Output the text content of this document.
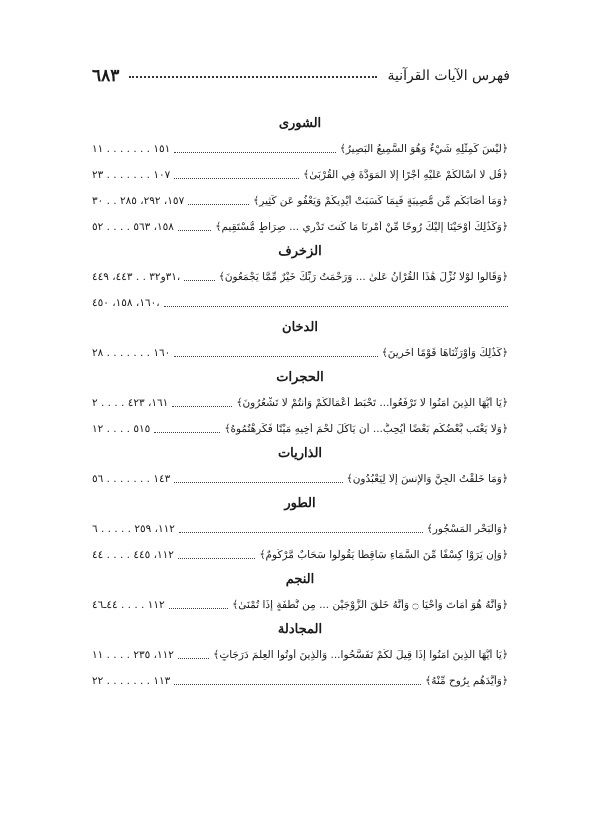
٦٨٣	فهرس الآيات القرآنية
الشورى
١٥١ . . . . . . . ١١	﴿لَيْسَ كَمِثْلِهِ شَيْءٌ وَهُوَ السَّمِيعُ الْبَصِيرُ﴾
١٠٧ . . . . . . . ٢٣	﴿قُل لَا أَسْأَلُكُمْ عَلَيْهِ أَجْرًا إِلَّا الْمَوَدَّةَ فِي الْقُرْبَىٰ﴾
١٥٧، ٢٩٢، ٢٨٥ . . ٣٠	﴿وَمَا أَصَابَكُم مِّن مُّصِيبَةٍ فَبِمَا كَسَبَتْ أَيْدِيكُمْ وَيَعْفُو عَن كَثِيرٍ﴾
١٥٨، ٥٦٣ . . . . ٥٢	﴿وَكَذَٰلِكَ أَوْحَيْنَا إِلَيْكَ رُوحًا مِّنْ أَمْرِنَا مَا كُنتَ تَدْرِي ... صِرَاطٍ مُّسْتَقِيمٍ﴾
الزخرف
٣١و٣٢ . . ٤٤٣، ٤٤٩،	﴿وَقَالُوا لَوْلَا نُزِّلَ هَٰذَا الْقُرْآنُ عَلَىٰ ... وَرَحْمَتُ رَبِّكَ خَيْرٌ مِّمَّا يَجْمَعُونَ﴾
١٦٠، ١٥٨، ٤٥٠،
الدخان
١٦٠ . . . . . . . ٢٨	﴿كَذَٰلِكَ وَأَوْرَثْنَاهَا قَوْمًا آخَرِينَ﴾
الحجرات
١٦١، ٤٢٣ . . . . ٢	﴿يَا أَيُّهَا الَّذِينَ آمَنُوا لَا تَرْفَعُوا... تَحْبَطَ أَعْمَالُكُمْ وَأَنتُمْ لَا تَشْعُرُونَ﴾
٥١٥ . . . . ١٢	﴿وَلَا يَغْتَب بَّعْضُكُم بَعْضًا أَيُحِبُّ... أَن يَأْكُلَ لَحْمَ أَخِيهِ مَيْتًا فَكَرِهْتُمُوهُ﴾
الذاريات
١٤٣ . . . . . . . ٥٦	﴿وَمَا خَلَقْتُ الْجِنَّ وَالْإِنسَ إِلَّا لِيَعْبُدُونِ﴾
الطور
١١٢، ٢٥٩ . . . . . ٦	﴿وَالْبَحْرِ الْمَسْجُورِ﴾
١١٢، ٤٤٥ . . . . ٤٤	﴿وَإِن يَرَوْا كِسْفًا مِّنَ السَّمَاءِ سَاقِطًا يَقُولُوا سَحَابٌ مَّرْكُومٌ﴾
النجم
١١٢ . . . . ٤٤ـ٤٦	﴿وَأَنَّهُ هُوَ أَمَاتَ وَأَحْيَا ۝ وَأَنَّهُ خَلَقَ الزَّوْجَيْنِ ... مِن نُّطْفَةٍ إِذَا تُمْنَىٰ﴾
المجادلة
١١٢، ٢٣٥ . . . . ١١	﴿يَا أَيُّهَا الَّذِينَ آمَنُوا إِذَا قِيلَ لَكُمْ تَفَسَّحُوا... وَالَّذِينَ أُوتُوا الْعِلْمَ دَرَجَاتٍ﴾
١١٣ . . . . . . . ٢٢	﴿وَأَيَّدَهُم بِرُوحٍ مِّنْهُ﴾
